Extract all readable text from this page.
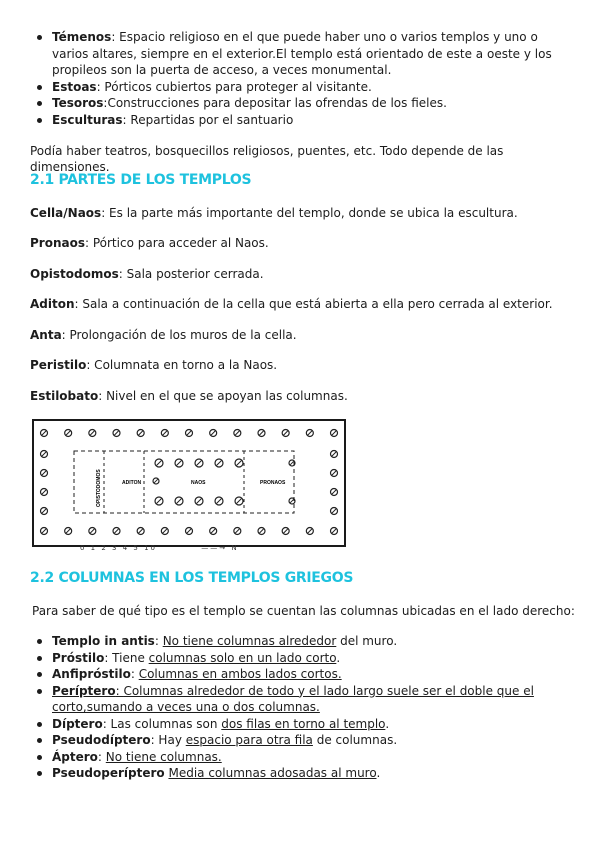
Témenos: Espacio religioso en el que puede haber uno o varios templos y uno o varios altares, siempre en el exterior.El templo está orientado de este a oeste y los propileos son la puerta de acceso, a veces monumental.
Estoas: Pórticos cubiertos para proteger al visitante.
Tesoros:Construcciones para depositar las ofrendas de los fieles.
Esculturas: Repartidas por el santuario
Podía haber teatros, bosquecillos religiosos, puentes, etc. Todo depende de las dimensiones.
2.1 PARTES DE LOS TEMPLOS
Cella/Naos: Es la parte más importante del templo, donde se ubica la escultura.
Pronaos: Pórtico para acceder al Naos.
Opistodomos: Sala posterior cerrada.
Aditon: Sala a continuación de la cella que está abierta a ella pero cerrada al exterior.
Anta: Prolongación de los muros de la cella.
Peristilo: Columnata en torno a la Naos.
Estilobato: Nivel en el que se apoyan las columnas.
OPISTODOMOS	ADITON	NAOS	PRONAOS
0 1 2 3 4 5 10	——→ N
2.2 COLUMNAS EN LOS TEMPLOS GRIEGOS
Para saber de qué tipo es el templo se cuentan las columnas ubicadas en el lado derecho:
Templo in antis: No tiene columnas alrededor del muro.
Próstilo: Tiene columnas solo en un lado corto.
Anfipróstilo: Columnas en ambos lados cortos.
Períptero: Columnas alrededor de todo y el lado largo suele ser el doble que el corto,sumando a veces una o dos columnas.
Díptero: Las columnas son dos filas en torno al templo.
Pseudodíptero: Hay espacio para otra fila de columnas.
Áptero: No tiene columnas.
Pseudoperíptero Media columnas adosadas al muro.
